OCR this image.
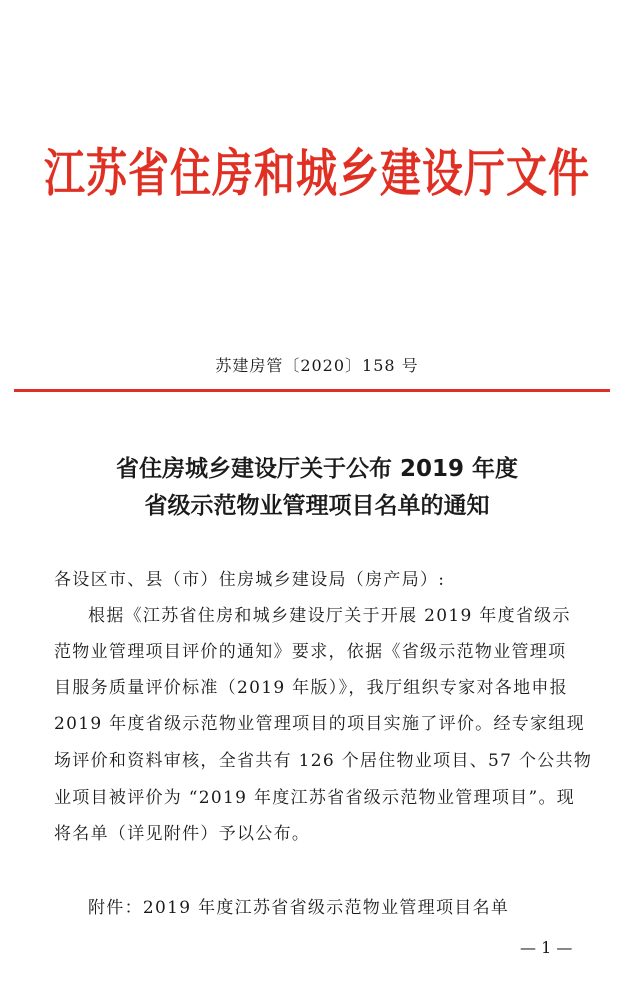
江苏省住房和城乡建设厅文件
苏建房管〔2020〕158 号
省住房城乡建设厅关于公布 2019 年度
省级示范物业管理项目名单的通知
各设区市、县（市）住房城乡建设局（房产局）:
根据《江苏省住房和城乡建设厅关于开展 2019 年度省级示
范物业管理项目评价的通知》要求，依据《省级示范物业管理项
目服务质量评价标准（2019 年版）》，我厅组织专家对各地申报
2019 年度省级示范物业管理项目的项目实施了评价。经专家组现
场评价和资料审核，全省共有 126 个居住物业项目、57 个公共物
业项目被评价为 “2019 年度江苏省省级示范物业管理项目”。现
将名单（详见附件）予以公布。
附件：2019 年度江苏省省级示范物业管理项目名单
— 1 —
